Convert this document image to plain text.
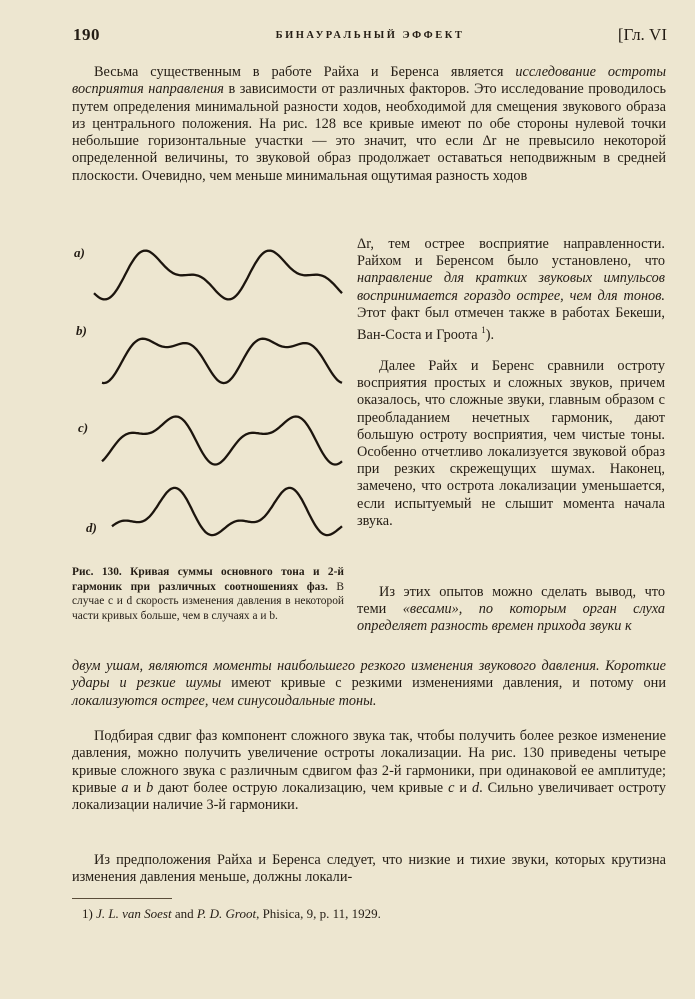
190	БИНАУРАЛЬНЫЙ ЭФФЕКТ	[Гл. VI

Весьма существенным в работе Райха и Беренса является исследование остроты восприятия направления в зависимости от различных факторов. Это исследование проводилось путем определения минимальной разности ходов, необходимой для смещения звукового образа из центрального положения. На рис. 128 все кривые имеют по обе стороны нулевой точки небольшие горизонтальные участки — это значит, что если Δr не превысило некоторой определенной величины, то звуковой образ продолжает оставаться неподвижным в средней плоскости. Очевидно, чем меньше минимальная ощутимая разность ходов

a)
b)
c)
d)

Рис. 130. Кривая суммы основного тона и 2-й гармоник при различных соотношениях фаз. В случае c и d скорость изменения давления в некоторой части кривых больше, чем в случаях a и b.

Δr, тем острее восприятие направленности. Райхом и Беренсом было установлено, что направление для кратких звуковых импульсов воспринимается гораздо острее, чем для тонов. Этот факт был отмечен также в работах Бекеши, Ван-Соста и Гроота $^1$).

Далее Райх и Беренс сравнили остроту восприятия простых и сложных звуков, причем оказалось, что сложные звуки, главным образом с преобладанием нечетных гармоник, дают большую остроту восприятия, чем чистые тоны. Особенно отчетливо локализуется звуковой образ при резких скрежещущих шумах. Наконец, замечено, что острота локализации уменьшается, если испытуемый не слышит момента начала звука.

Из этих опытов можно сделать вывод, что теми «весами», по которым орган слуха определяет разность времен прихода звуки к

двум ушам, являются моменты наибольшего резкого изменения звукового давления. Короткие удары и резкие шумы имеют кривые с резкими изменениями давления, и потому они локализуются острее, чем синусоидальные тоны.

Подбирая сдвиг фаз компонент сложного звука так, чтобы получить более резкое изменение давления, можно получить увеличение остроты локализации. На рис. 130 приведены четыре кривые сложного звука с различным сдвигом фаз 2-й гармоники, при одинаковой ее амплитуде; кривые a и b дают более острую локализацию, чем кривые c и d. Сильно увеличивает остроту локализации наличие 3-й гармоники.

Из предположения Райха и Беренса следует, что низкие и тихие звуки, которых крутизна изменения давления меньше, должны локали-

1) J. L. van Soest and P. D. Groot, Phisica, 9, p. 11, 1929.
